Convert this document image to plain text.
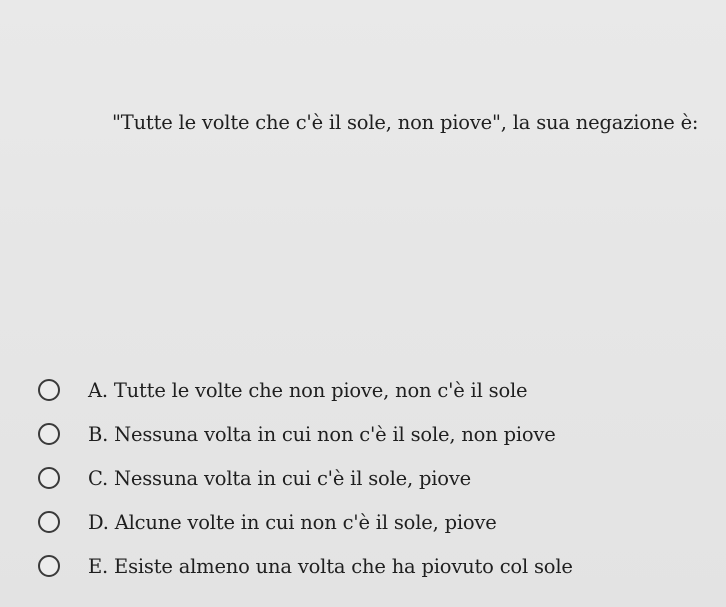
"Tutte le volte che c'è il sole, non piove", la sua negazione è:
A. Tutte le volte che non piove, non c'è il sole
B. Nessuna volta in cui non c'è il sole, non piove
C. Nessuna volta in cui c'è il sole, piove
D. Alcune volte in cui non c'è il sole, piove
E. Esiste almeno una volta che ha piovuto col sole
